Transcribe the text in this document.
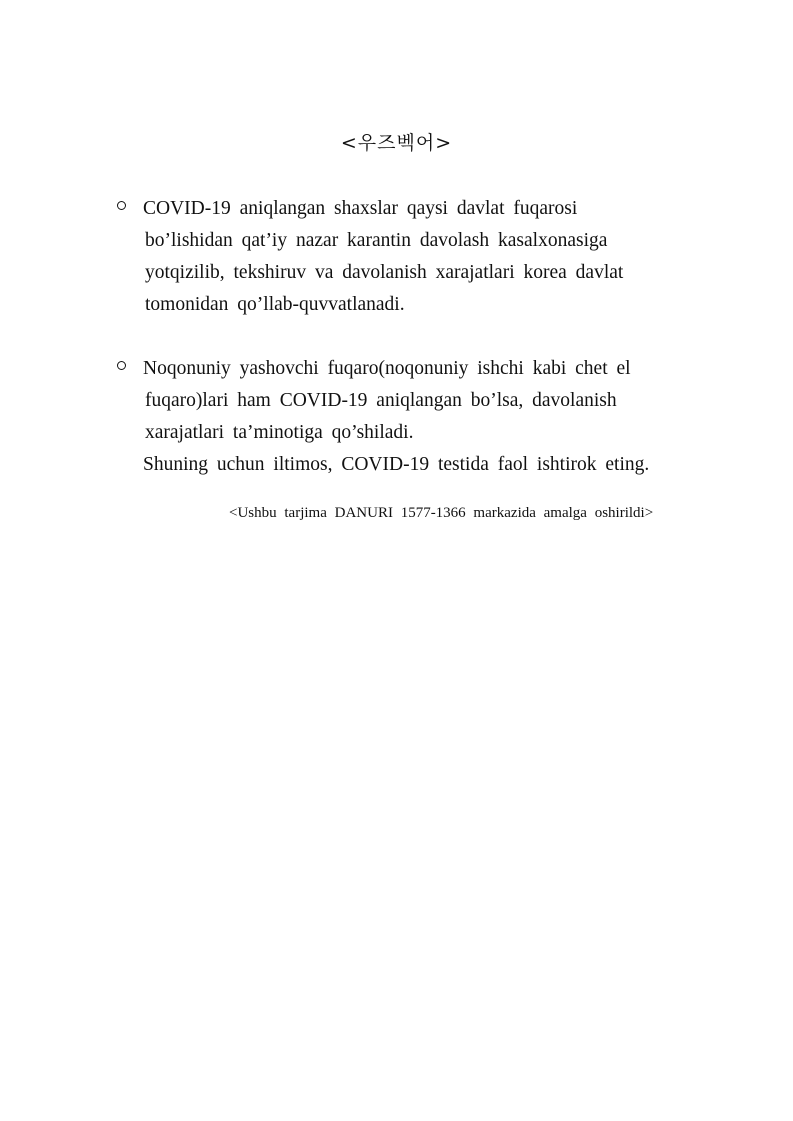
<우즈벡어>
COVID-19 aniqlangan shaxslar qaysi davlat fuqarosi
bo’lishidan qat’iy nazar karantin davolash kasalxonasiga
yotqizilib, tekshiruv va davolanish xarajatlari korea davlat
tomonidan qo’llab-quvvatlanadi.
Noqonuniy yashovchi fuqaro(noqonuniy ishchi kabi chet el
fuqaro)lari ham COVID-19 aniqlangan bo’lsa, davolanish
xarajatlari ta’minotiga qo’shiladi.
Shuning uchun iltimos, COVID-19 testida faol ishtirok eting.
<Ushbu tarjima DANURI 1577-1366 markazida amalga oshirildi>
